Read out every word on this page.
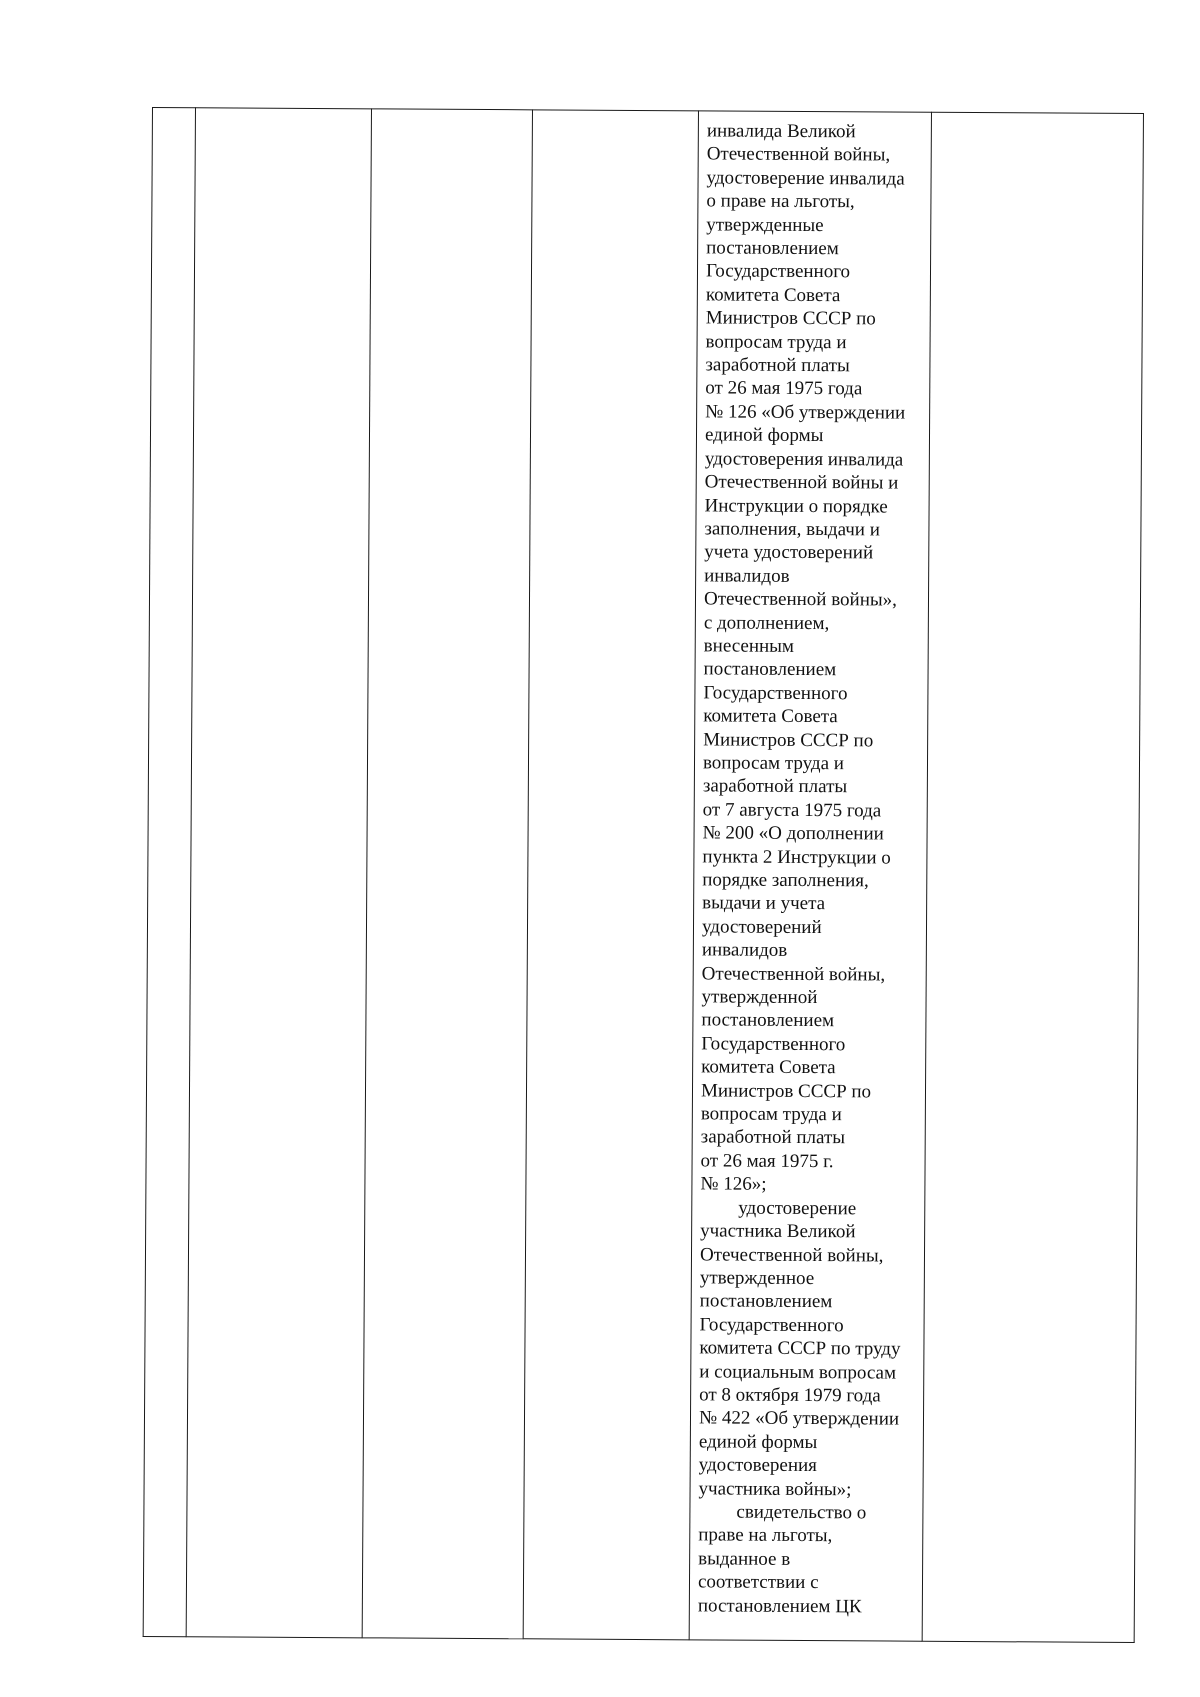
инвалида Великой
Отечественной войны,
удостоверение инвалида
о праве на льготы,
утвержденные
постановлением
Государственного
комитета Совета
Министров СССР по
вопросам труда и
заработной платы
от 26 мая 1975 года
№ 126 «Об утверждении
единой формы
удостоверения инвалида
Отечественной войны и
Инструкции о порядке
заполнения, выдачи и
учета удостоверений
инвалидов
Отечественной войны»,
с дополнением,
внесенным
постановлением
Государственного
комитета Совета
Министров СССР по
вопросам труда и
заработной платы
от 7 августа 1975 года
№ 200 «О дополнении
пункта 2 Инструкции о
порядке заполнения,
выдачи и учета
удостоверений
инвалидов
Отечественной войны,
утвержденной
постановлением
Государственного
комитета Совета
Министров СССР по
вопросам труда и
заработной платы
от 26 мая 1975 г.
№ 126»;

удостоверение
участника Великой
Отечественной войны,
утвержденное
постановлением
Государственного
комитета СССР по труду
и социальным вопросам
от 8 октября 1979 года
№ 422 «Об утверждении
единой формы
удостоверения
участника войны»;

свидетельство о
праве на льготы,
выданное в
соответствии с
постановлением ЦК
